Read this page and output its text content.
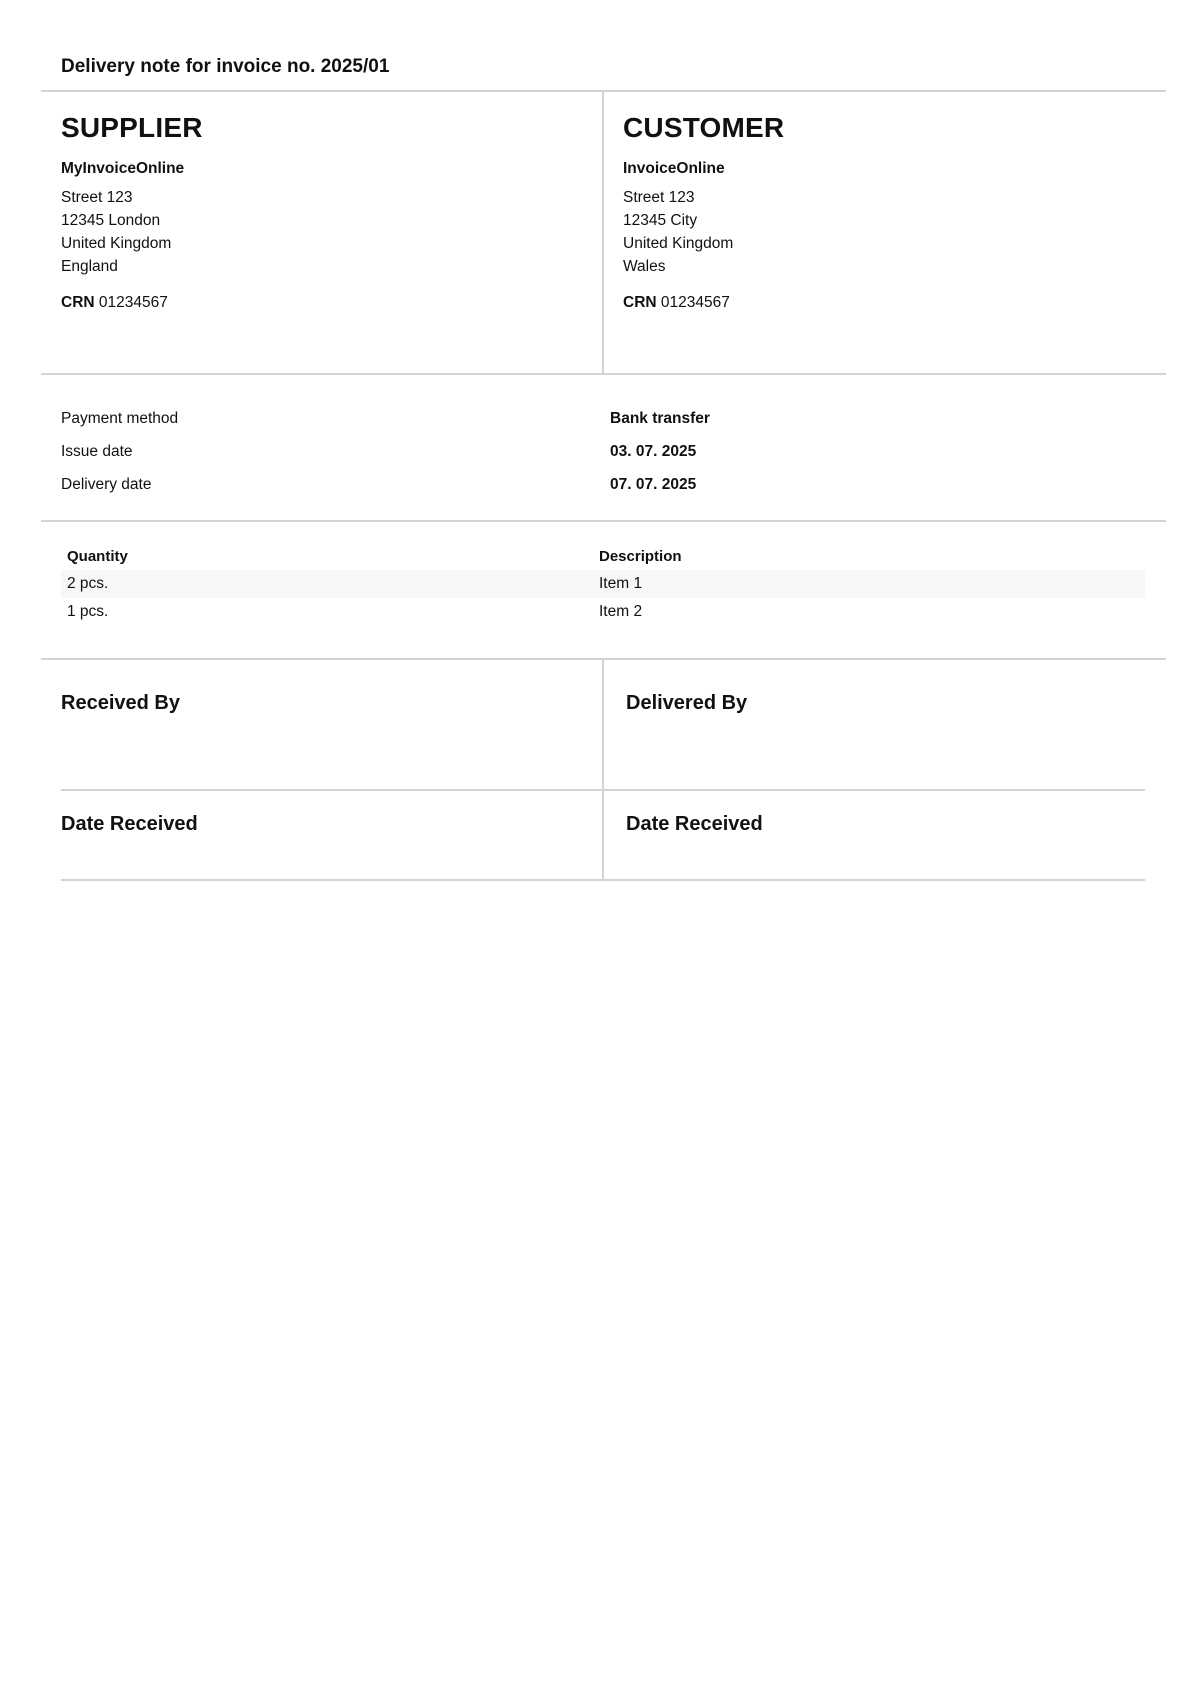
Delivery note for invoice no. 2025/01
SUPPLIER
MyInvoiceOnline
Street 123
12345 London
United Kingdom
England
CRN 01234567
CUSTOMER
InvoiceOnline
Street 123
12345 City
United Kingdom
Wales
CRN 01234567
Payment method	Bank transfer
Issue date	03. 07. 2025
Delivery date	07. 07. 2025
Quantity	Description
2 pcs.	Item 1
1 pcs.	Item 2
Received By	Delivered By
Date Received	Date Received
